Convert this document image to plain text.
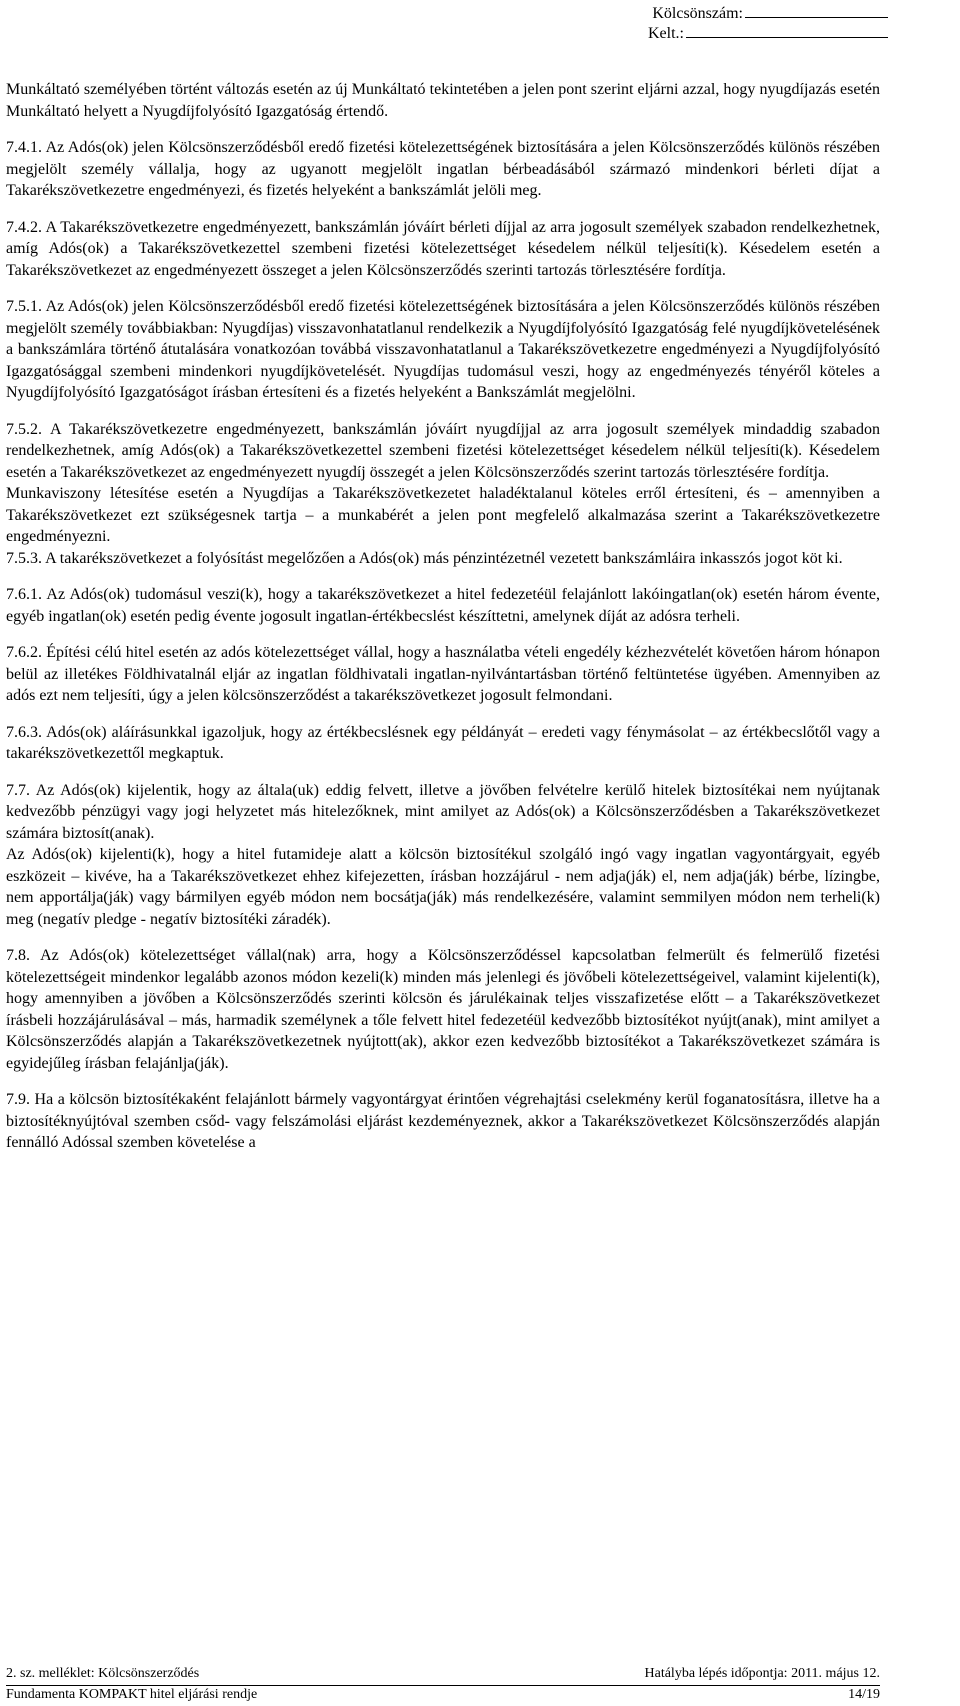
Kölcsönszám:
Kelt.:

Munkáltató személyében történt változás esetén az új Munkáltató tekintetében a jelen pont szerint eljárni azzal, hogy nyugdíjazás esetén Munkáltató helyett a Nyugdíjfolyósító Igazgatóság értendő.

7.4.1. Az Adós(ok) jelen Kölcsönszerződésből eredő fizetési kötelezettségének biztosítására a jelen Kölcsönszerződés különös részében megjelölt személy vállalja, hogy az ugyanott megjelölt ingatlan bérbeadásából származó mindenkori bérleti díjat a Takarékszövetkezetre engedményezi, és fizetés helyeként a bankszámlát jelöli meg.

7.4.2. A Takarékszövetkezetre engedményezett, bankszámlán jóváírt bérleti díjjal az arra jogosult személyek szabadon rendelkezhetnek, amíg Adós(ok) a Takarékszövetkezettel szembeni fizetési kötelezettséget késedelem nélkül teljesíti(k). Késedelem esetén a Takarékszövetkezet az engedményezett összeget a jelen Kölcsönszerződés szerinti tartozás törlesztésére fordítja.

7.5.1. Az Adós(ok) jelen Kölcsönszerződésből eredő fizetési kötelezettségének biztosítására a jelen Kölcsönszerződés különös részében megjelölt személy továbbiakban: Nyugdíjas) visszavonhatatlanul rendelkezik a Nyugdíjfolyósító Igazgatóság felé nyugdíjkövetelésének a bankszámlára történő átutalására vonatkozóan továbbá visszavonhatatlanul a Takarékszövetkezetre engedményezi a Nyugdíjfolyósító Igazgatósággal szembeni mindenkori nyugdíjkövetelését. Nyugdíjas tudomásul veszi, hogy az engedményezés tényéről köteles a Nyugdíjfolyósító Igazgatóságot írásban értesíteni és a fizetés helyeként a Bankszámlát megjelölni.

7.5.2. A Takarékszövetkezetre engedményezett, bankszámlán jóváírt nyugdíjjal az arra jogosult személyek mindaddig szabadon rendelkezhetnek, amíg Adós(ok) a Takarékszövetkezettel szembeni fizetési kötelezettséget késedelem nélkül teljesíti(k). Késedelem esetén a Takarékszövetkezet az engedményezett nyugdíj összegét a jelen Kölcsönszerződés szerint tartozás törlesztésére fordítja.

Munkaviszony létesítése esetén a Nyugdíjas a Takarékszövetkezetet haladéktalanul köteles erről értesíteni, és – amennyiben a Takarékszövetkezet ezt szükségesnek tartja – a munkabérét a jelen pont megfelelő alkalmazása szerint a Takarékszövetkezetre engedményezni.

7.5.3. A takarékszövetkezet a folyósítást megelőzően a Adós(ok) más pénzintézetnél vezetett bankszámláira inkasszós jogot köt ki.

7.6.1. Az Adós(ok) tudomásul veszi(k), hogy a takarékszövetkezet a hitel fedezetéül felajánlott lakóingatlan(ok) esetén három évente, egyéb ingatlan(ok) esetén pedig évente jogosult ingatlan-értékbecslést készíttetni, amelynek díját az adósra terheli.

7.6.2. Építési célú hitel esetén az adós kötelezettséget vállal, hogy a használatba vételi engedély kézhezvételét követően három hónapon belül az illetékes Földhivatalnál eljár az ingatlan földhivatali ingatlan-nyilvántartásban történő feltüntetése ügyében. Amennyiben az adós ezt nem teljesíti, úgy a jelen kölcsönszerződést a takarékszövetkezet jogosult felmondani.

7.6.3. Adós(ok) aláírásunkkal igazoljuk, hogy az értékbecslésnek egy példányát – eredeti vagy fénymásolat – az értékbecslőtől vagy a takarékszövetkezettől megkaptuk.

7.7. Az Adós(ok) kijelentik, hogy az általa(uk) eddig felvett, illetve a jövőben felvételre kerülő hitelek biztosítékai nem nyújtanak kedvezőbb pénzügyi vagy jogi helyzetet más hitelezőknek, mint amilyet az Adós(ok) a Kölcsönszerződésben a Takarékszövetkezet számára biztosít(anak).

Az Adós(ok) kijelenti(k), hogy a hitel futamideje alatt a kölcsön biztosítékul szolgáló ingó vagy ingatlan vagyontárgyait, egyéb eszközeit – kivéve, ha a Takarékszövetkezet ehhez kifejezetten, írásban hozzájárul - nem adja(ják) el, nem adja(ják) bérbe, lízingbe, nem apportálja(ják) vagy bármilyen egyéb módon nem bocsátja(ják) más rendelkezésére, valamint semmilyen módon nem terheli(k) meg (negatív pledge - negatív biztosítéki záradék).

7.8. Az Adós(ok) kötelezettséget vállal(nak) arra, hogy a Kölcsönszerződéssel kapcsolatban felmerült és felmerülő fizetési kötelezettségeit mindenkor legalább azonos módon kezeli(k) minden más jelenlegi és jövőbeli kötelezettségeivel, valamint kijelenti(k), hogy amennyiben a jövőben a Kölcsönszerződés szerinti kölcsön és járulékainak teljes visszafizetése előtt – a Takarékszövetkezet írásbeli hozzájárulásával – más, harmadik személynek a tőle felvett hitel fedezetéül kedvezőbb biztosítékot nyújt(anak), mint amilyet a Kölcsönszerződés alapján a Takarékszövetkezetnek nyújtott(ak), akkor ezen kedvezőbb biztosítékot a Takarékszövetkezet számára is egyidejűleg írásban felajánlja(ják).

7.9. Ha a kölcsön biztosítékaként felajánlott bármely vagyontárgyat érintően végrehajtási cselekmény kerül foganatosításra, illetve ha a biztosítéknyújtóval szemben csőd- vagy felszámolási eljárást kezdeményeznek, akkor a Takarékszövetkezet Kölcsönszerződés alapján fennálló Adóssal szemben követelése a

2. sz. melléklet: Kölcsönszerződés	Hatályba lépés időpontja: 2011. május 12.
Fundamenta KOMPAKT hitel eljárási rendje	14/19
